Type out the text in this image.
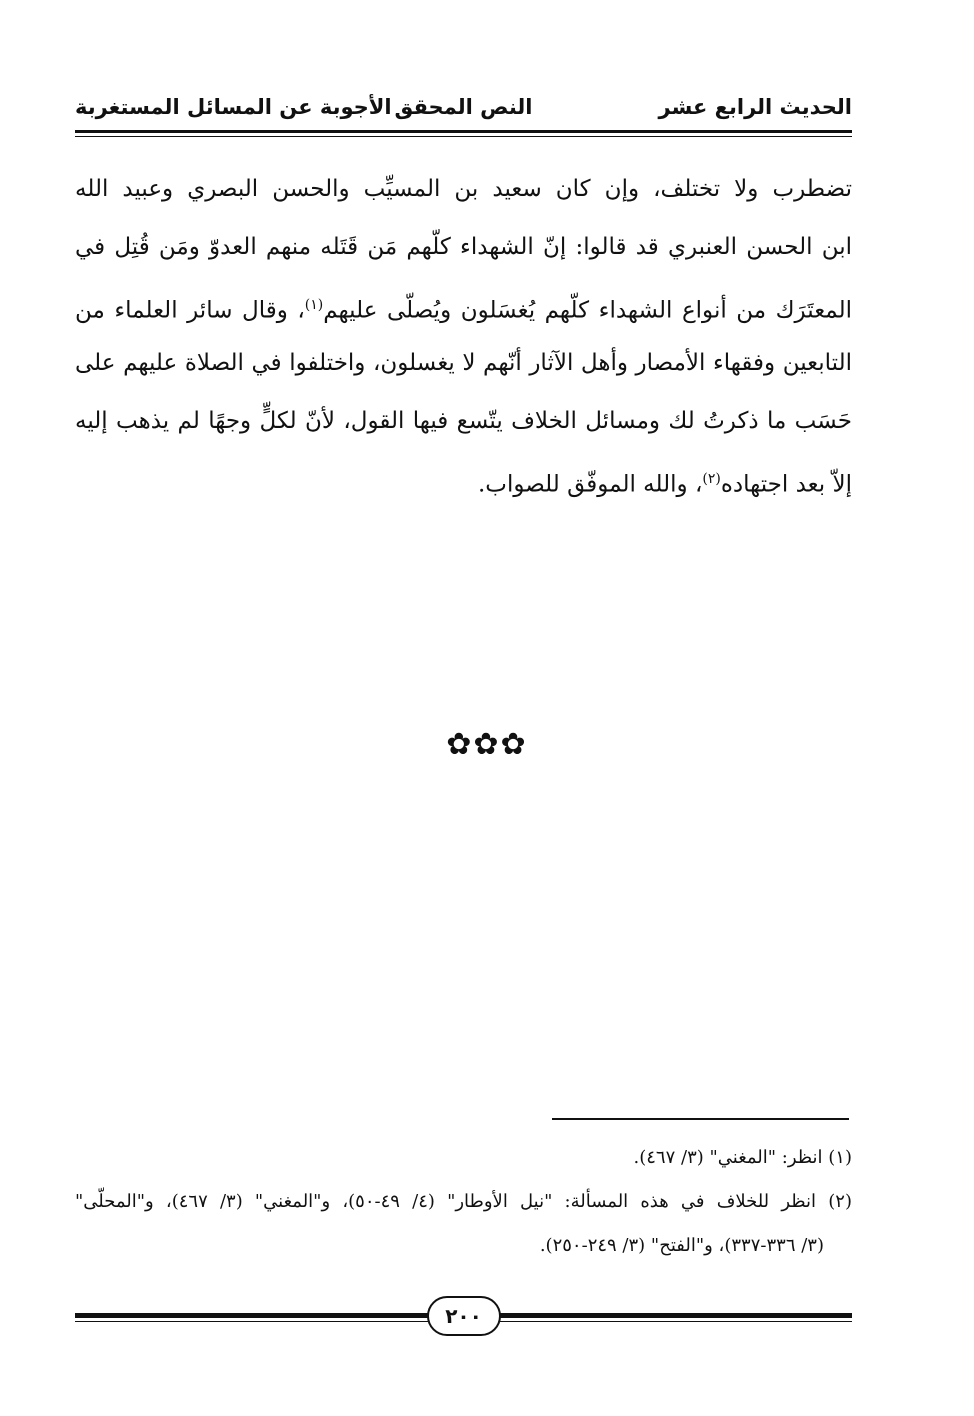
الحديث الرابع عشر
النص المحقق
الأجوبة عن المسائل المستغربة
تضطرب ولا تختلف، وإن كان سعيد بن المسيِّب والحسن البصري وعبيد الله
ابن الحسن العنبري قد قالوا: إنّ الشهداء كلّهم مَن قَتَله منهم العدوّ ومَن قُتِل في
المعتَرَك من أنواع الشهداء كلّهم يُغسَلون ويُصلّى عليهم$^{(١)}$، وقال سائر العلماء من
التابعين وفقهاء الأمصار وأهل الآثار أنّهم لا يغسلون، واختلفوا في الصلاة عليهم على
حَسَب ما ذكرتُ لك ومسائل الخلاف يتّسع فيها القول، لأنّ لكلٍّ وجهًا لم يذهب إليه
إلاّ بعد اجتهاده$^{(٢)}$، والله الموفّق للصواب.
✿✿✿
(١) انظر: "المغني" (٣/ ٤٦٧).
(٢) انظر للخلاف في هذه المسألة: "نيل الأوطار" (٤/ ٤٩-٥٠)، و"المغني" (٣/ ٤٦٧)، و"المحلّى"
(٣/ ٣٣٦-٣٣٧)، و"الفتح" (٣/ ٢٤٩-٢٥٠).
٢٠٠
